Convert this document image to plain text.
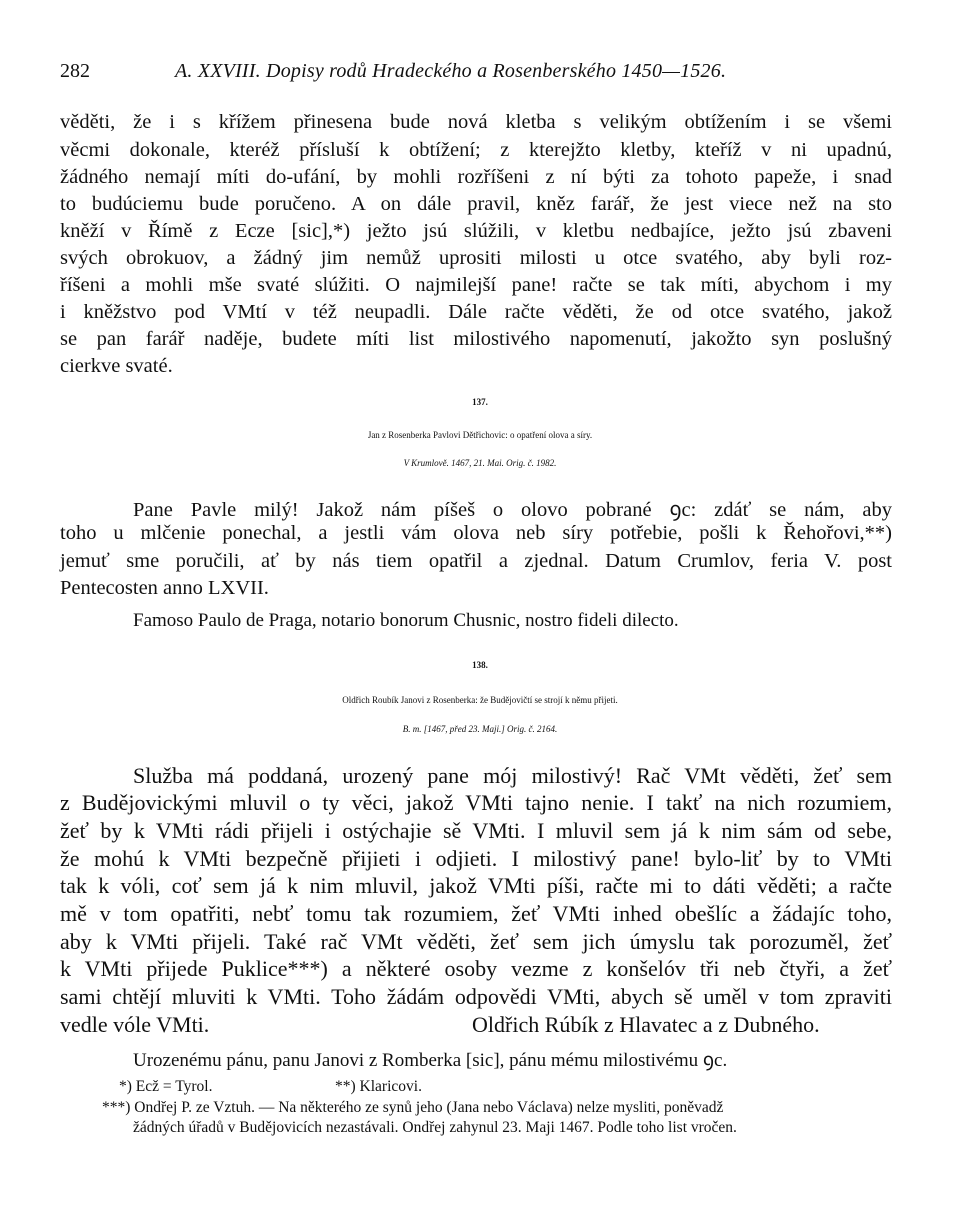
282	A. XXVIII. Dopisy rodů Hradeckého a Rosenberského 1450—1526.
věděti, že i s křížem přinesena bude nová kletba s velikým obtížením i se všemi
věcmi dokonale, kteréž přísluší k obtížení; z kterejžto kletby, kteříž v ni upadnú,
žádného nemají míti do-ufání, by mohli rozříšeni z ní býti za tohoto papeže, i snad
to budúciemu bude poručeno. A on dále pravil, kněz farář, že jest viece než na sto
kněží v Římě z Ecze [sic],*) ježto jsú slúžili, v kletbu nedbajíce, ježto jsú zbaveni
svých obrokuov, a žádný jim nemůž uprositi milosti u otce svatého, aby byli roz-
říšeni a mohli mše svaté slúžiti. O najmilejší pane! račte se tak míti, abychom i my
i kněžstvo pod VMtí v též neupadli. Dále račte věděti, že od otce svatého, jakož
se pan farář naděje, budete míti list milostivého napomenutí, jakožto syn poslušný
cierkve svaté.
137.
Jan z Rosenberka Pavlovi Dětřichovic: o opatření olova a síry.
V Krumlově. 1467, 21. Mai. Orig. č. 1982.
Pane Pavle milý! Jakož nám píšeš o olovo pobrané ꝯc: zdáť se nám, aby
toho u mlčenie ponechal, a jestli vám olova neb síry potřebie, pošli k Řehořovi,**)
jemuť sme poručili, ať by nás tiem opatřil a zjednal. Datum Crumlov, feria V. post
Pentecosten anno LXVII.
Famoso Paulo de Praga, notario bonorum Chusnic, nostro fideli dilecto.
138.
Oldřich Roubík Janovi z Rosenberka: že Budějovičtí se strojí k němu přijeti.
B. m. [1467, před 23. Maji.] Orig. č. 2164.
Služba má poddaná, urozený pane mój milostivý! Rač VMt věděti, žeť sem
z Budějovickými mluvil o ty věci, jakož VMti tajno nenie. I takť na nich rozumiem,
žeť by k VMti rádi přijeli i ostýchajie sě VMti. I mluvil sem já k nim sám od sebe,
že mohú k VMti bezpečně přijieti i odjieti. I milostivý pane! bylo-liť by to VMti
tak k vóli, coť sem já k nim mluvil, jakož VMti píši, račte mi to dáti věděti; a račte
mě v tom opatřiti, nebť tomu tak rozumiem, žeť VMti inhed obešlíc a žádajíc toho,
aby k VMti přijeli. Také rač VMt věděti, žeť sem jich úmyslu tak porozuměl, žeť
k VMti přijede Puklice***) a některé osoby vezme z konšelóv tři neb čtyři, a žeť
sami chtějí mluviti k VMti. Toho žádám odpovědi VMti, abych sě uměl v tom zpraviti
vedle vóle VMti.	Oldřich Rúbík z Hlavatec a z Dubného.
Urozenému pánu, panu Janovi z Romberka [sic], pánu mému milostivému ꝯc.
*) Ecž = Tyrol.	**) Klaricovi.
***) Ondřej P. ze Vztuh. — Na některého ze synů jeho (Jana nebo Václava) nelze mysliti, poněvadž
žádných úřadů v Budějovicích nezastávali. Ondřej zahynul 23. Maji 1467. Podle toho list vročen.
